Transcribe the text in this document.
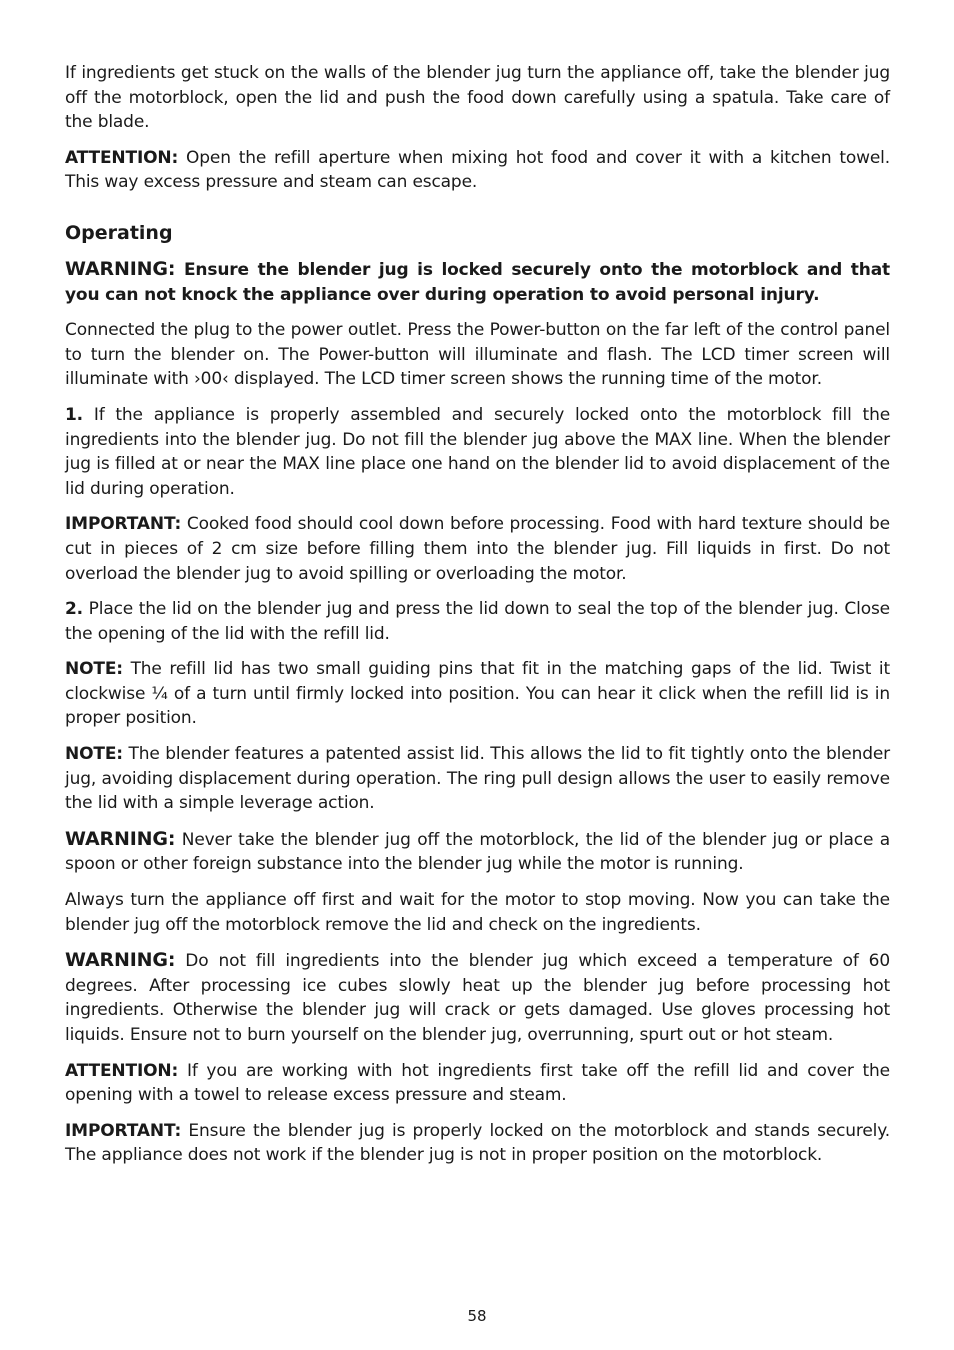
If ingredients get stuck on the walls of the blender jug turn the appliance off, take the blender jug off the motorblock, open the lid and push the food down carefully using a spatula. Take care of the blade.

ATTENTION: Open the refill aperture when mixing hot food and cover it with a kitchen towel. This way excess pressure and steam can escape.

Operating

WARNING: Ensure the blender jug is locked securely onto the motorblock and that you can not knock the appliance over during operation to avoid personal injury.

Connected the plug to the power outlet. Press the Power-button on the far left of the control panel to turn the blender on. The Power-button will illuminate and flash. The LCD timer screen will illuminate with ›00‹ displayed. The LCD timer screen shows the running time of the motor.

1. If the appliance is properly assembled and securely locked onto the motorblock fill the ingredients into the blender jug. Do not fill the blender jug above the MAX line. When the blender jug is filled at or near the MAX line place one hand on the blender lid to avoid displacement of the lid during operation.

IMPORTANT: Cooked food should cool down before processing. Food with hard texture should be cut in pieces of 2 cm size before filling them into the blender jug. Fill liquids in first. Do not overload the blender jug to avoid spilling or overloading the motor.

2. Place the lid on the blender jug and press the lid down to seal the top of the blender jug. Close the opening of the lid with the refill lid.

NOTE: The refill lid has two small guiding pins that fit in the matching gaps of the lid. Twist it clockwise ¼ of a turn until firmly locked into position. You can hear it click when the refill lid is in proper position.

NOTE: The blender features a patented assist lid. This allows the lid to fit tightly onto the blender jug, avoiding displacement during operation. The ring pull design allows the user to easily remove the lid with a simple leverage action.

WARNING: Never take the blender jug off the motorblock, the lid of the blender jug or place a spoon or other foreign substance into the blender jug while the motor is running.

Always turn the appliance off first and wait for the motor to stop moving. Now you can take the blender jug off the motorblock remove the lid and check on the ingredients.

WARNING: Do not fill ingredients into the blender jug which exceed a temperature of 60 degrees. After processing ice cubes slowly heat up the blender jug before processing hot ingredients. Otherwise the blender jug will crack or gets damaged. Use gloves processing hot liquids. Ensure not to burn yourself on the blender jug, overrunning, spurt out or hot steam.

ATTENTION: If you are working with hot ingredients first take off the refill lid and cover the opening with a towel to release excess pressure and steam.

IMPORTANT: Ensure the blender jug is properly locked on the motorblock and stands securely. The appliance does not work if the blender jug is not in proper position on the motorblock.

58
